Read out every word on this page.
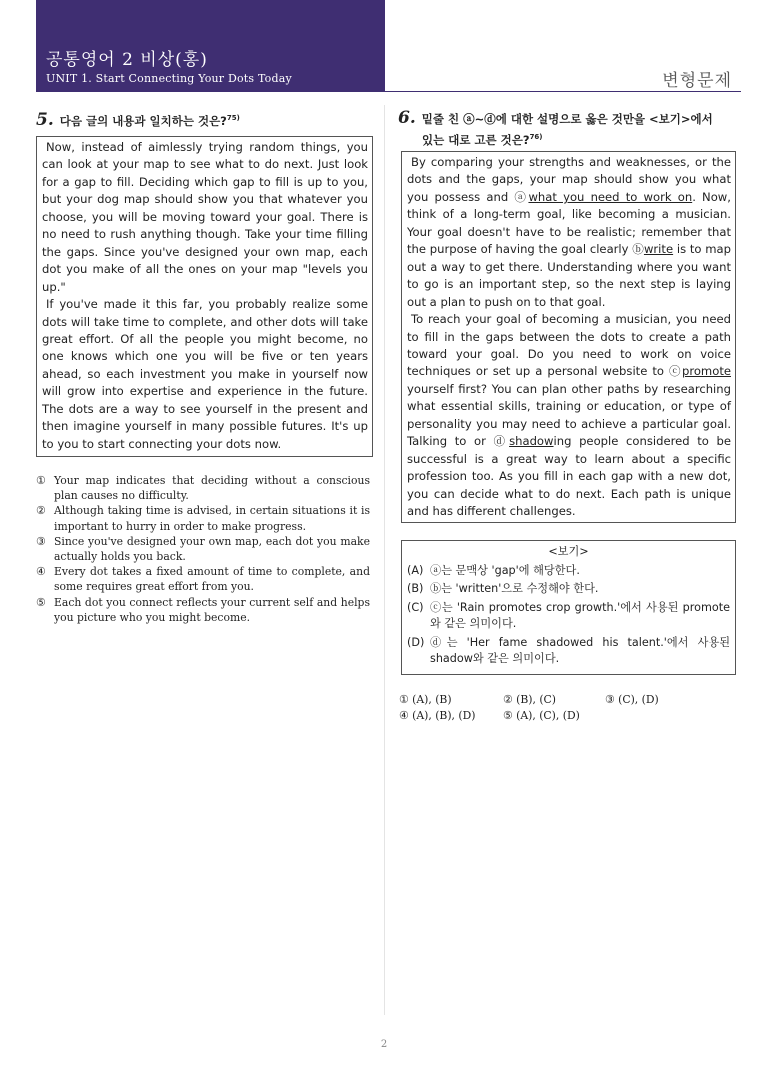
공통영어 2 비상(홍)
UNIT 1. Start Connecting Your Dots Today	변형문제
5. 다음 글의 내용과 일치하는 것은?$^{75)}$

Now, instead of aimlessly trying random things, you can look at your map to see what to do next. Just look for a gap to fill. Deciding which gap to fill is up to you, but your dog map should show you that whatever you choose, you will be moving toward your goal. There is no need to rush anything though. Take your time filling the gaps. Since you've designed your own map, each dot you make of all the ones on your map "levels you up."

If you've made it this far, you probably realize some dots will take time to complete, and other dots will take great effort. Of all the people you might become, no one knows which one you will be five or ten years ahead, so each investment you make in yourself now will grow into expertise and experience in the future. The dots are a way to see yourself in the present and then imagine yourself in many possible futures. It's up to you to start connecting your dots now.

① Your map indicates that deciding without a conscious plan causes no difficulty.
② Although taking time is advised, in certain situations it is important to hurry in order to make progress.
③ Since you've designed your own map, each dot you make actually holds you back.
④ Every dot takes a fixed amount of time to complete, and some requires great effort from you.
⑤ Each dot you connect reflects your current self and helps you picture who you might become.
6. 밑줄 친 ⓐ~ⓓ에 대한 설명으로 옳은 것만을 <보기>에서
있는 대로 고른 것은?$^{76)}$

By comparing your strengths and weaknesses, or the dots and the gaps, your map should show you what you possess and ⓐwhat you need to work on. Now, think of a long-term goal, like becoming a musician. Your goal doesn't have to be realistic; remember that the purpose of having the goal clearly ⓑwrite is to map out a way to get there. Understanding where you want to go is an important step, so the next step is laying out a plan to push on to that goal.

To reach your goal of becoming a musician, you need to fill in the gaps between the dots to create a path toward your goal. Do you need to work on voice techniques or set up a personal website to ⓒpromote yourself first? You can plan other paths by researching what essential skills, training or education, or type of personality you may need to achieve a particular goal. Talking to or ⓓshadowing people considered to be successful is a great way to learn about a specific profession too. As you fill in each gap with a new dot, you can decide what to do next. Each path is unique and has different challenges.

<보기>
(A) ⓐ는 문맥상 'gap'에 해당한다.
(B) ⓑ는 'written'으로 수정해야 한다.
(C) ⓒ는 'Rain promotes crop growth.'에서 사용된 promote와 같은 의미이다.
(D) ⓓ는 'Her fame shadowed his talent.'에서 사용된 shadow와 같은 의미이다.
① (A), (B)	② (B), (C)	③ (C), (D)
④ (A), (B), (D)	⑤ (A), (C), (D)
2
